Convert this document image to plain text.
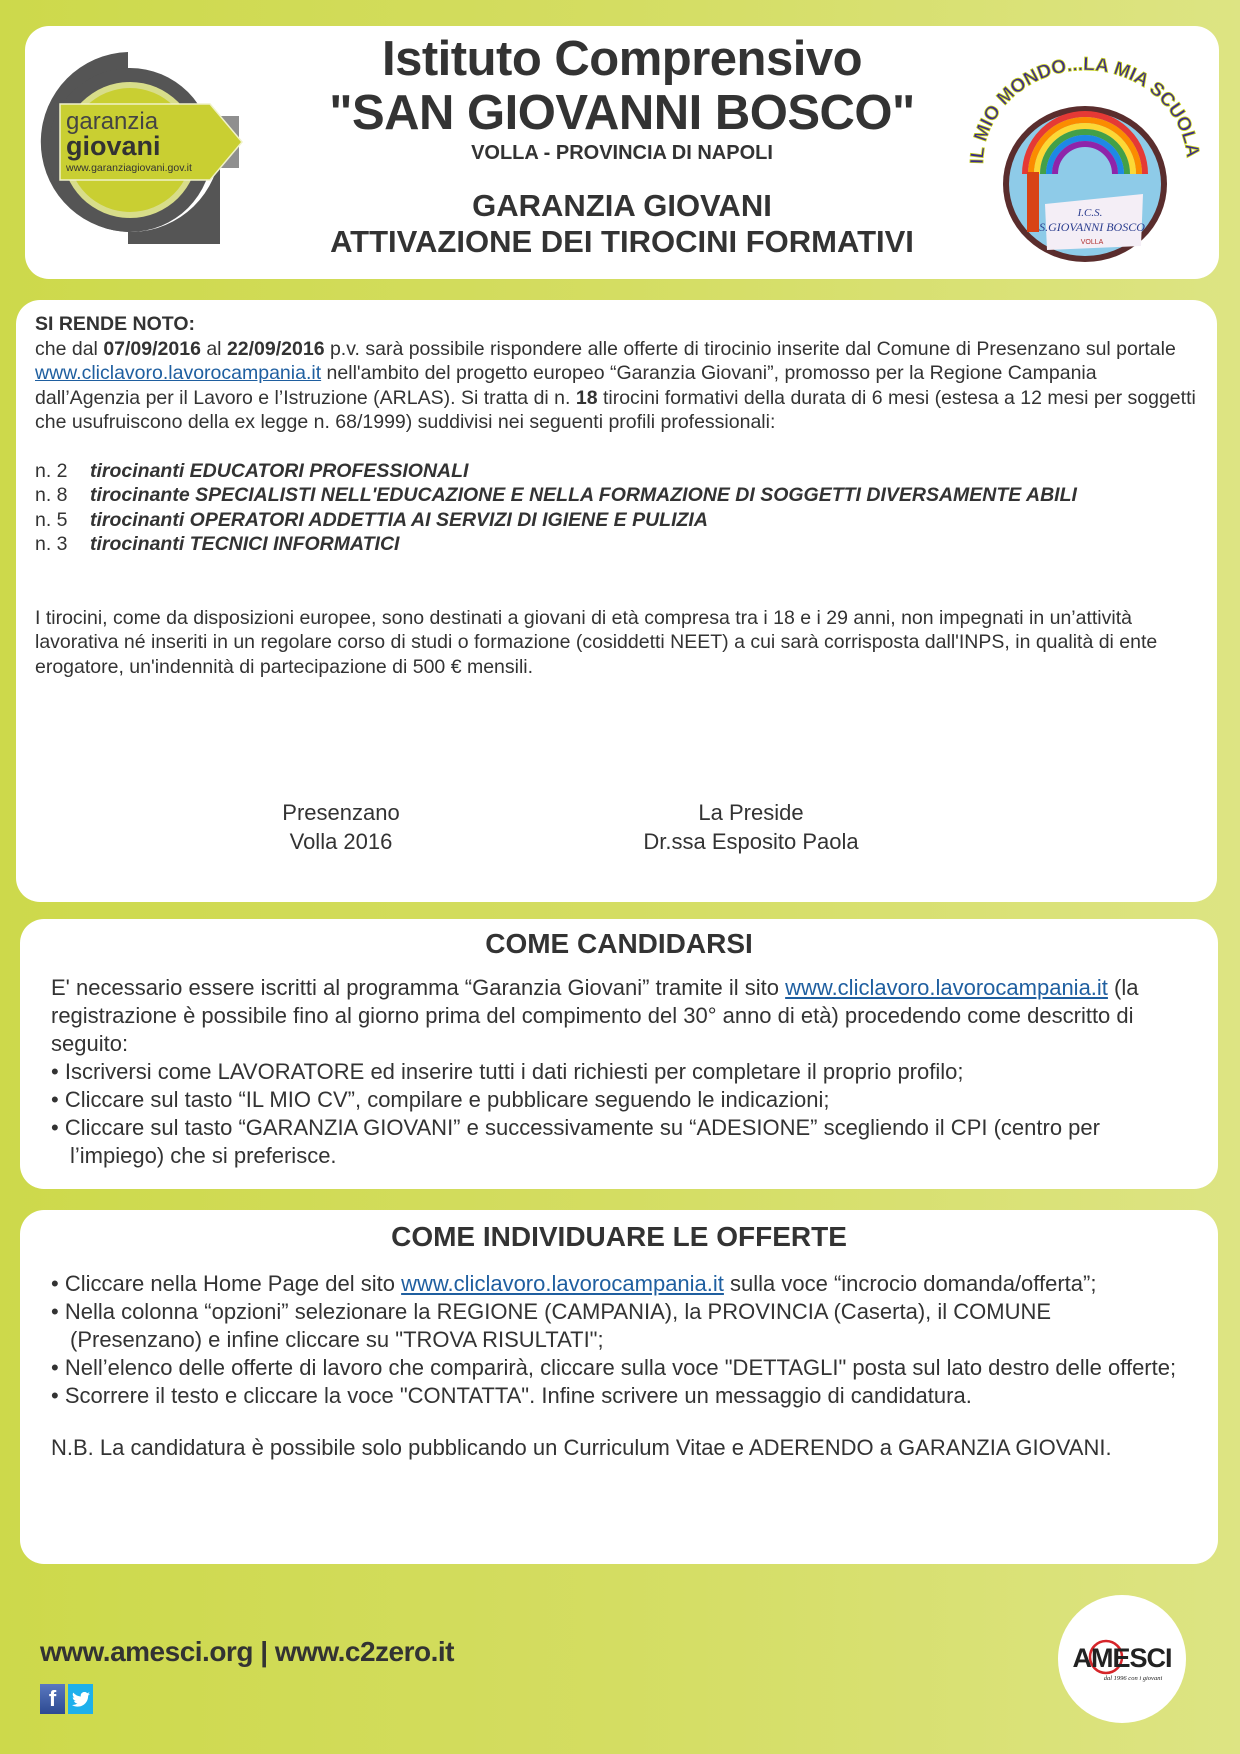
garanzia
giovani
www.garanziagiovani.gov.it
Istituto Comprensivo
"SAN GIOVANNI BOSCO"
VOLLA - PROVINCIA DI NAPOLI
GARANZIA GIOVANI
ATTIVAZIONE DEI TIROCINI FORMATIVI
IL MIO MONDO...LA MIA SCUOLA
I.C.S.
S.GIOVANNI BOSCO
VOLLA
SI RENDE NOTO:
che dal 07/09/2016 al 22/09/2016 p.v. sarà possibile rispondere alle offerte di tirocinio inserite dal Comune di Presenzano sul portale www.cliclavoro.lavorocampania.it nell'ambito del progetto europeo “Garanzia Giovani”, promosso per la Regione Campania dall’Agenzia per il Lavoro e l’Istruzione (ARLAS). Si tratta di n. 18 tirocini formativi della durata di 6 mesi (estesa a 12 mesi per soggetti che usufruiscono della ex legge n. 68/1999) suddivisi nei seguenti profili professionali:
n. 2	tirocinanti EDUCATORI PROFESSIONALI
n. 8	tirocinante SPECIALISTI NELL'EDUCAZIONE E NELLA FORMAZIONE DI SOGGETTI DIVERSAMENTE ABILI
n. 5	tirocinanti OPERATORI ADDETTIA AI SERVIZI DI IGIENE E PULIZIA
n. 3	tirocinanti TECNICI INFORMATICI
I tirocini, come da disposizioni europee, sono destinati a giovani di età compresa tra i 18 e i 29 anni, non impegnati in un’attività lavorativa né inseriti in un regolare corso di studi o formazione (cosiddetti NEET) a cui sarà corrisposta dall'INPS, in qualità di ente erogatore, un'indennità di partecipazione di 500 € mensili.
Presenzano
Volla 2016
La Preside
Dr.ssa Esposito Paola
COME CANDIDARSI
E' necessario essere iscritti al programma “Garanzia Giovani” tramite il sito www.cliclavoro.lavorocampania.it (la registrazione è possibile fino al giorno prima del compimento del 30° anno di età) procedendo come descritto di seguito:
• Iscriversi come LAVORATORE ed inserire tutti i dati richiesti per completare il proprio profilo;
• Cliccare sul tasto “IL MIO CV”, compilare e pubblicare seguendo le indicazioni;
• Cliccare sul tasto “GARANZIA GIOVANI” e successivamente su “ADESIONE” scegliendo il CPI (centro per l’impiego) che si preferisce.
COME INDIVIDUARE LE OFFERTE
• Cliccare nella Home Page del sito www.cliclavoro.lavorocampania.it sulla voce “incrocio domanda/offerta”;
• Nella colonna “opzioni” selezionare la REGIONE (CAMPANIA), la PROVINCIA (Caserta), il COMUNE (Presenzano) e infine cliccare su "TROVA RISULTATI";
• Nell’elenco delle offerte di lavoro che comparirà, cliccare sulla voce "DETTAGLI" posta sul lato destro delle offerte;
• Scorrere il testo e cliccare la voce "CONTATTA". Infine scrivere un messaggio di candidatura.
N.B. La candidatura è possibile solo pubblicando un Curriculum Vitae e ADERENDO a GARANZIA GIOVANI.
www.amesci.org | www.c2zero.it
f
AMESCI
dal 1996 con i giovani
